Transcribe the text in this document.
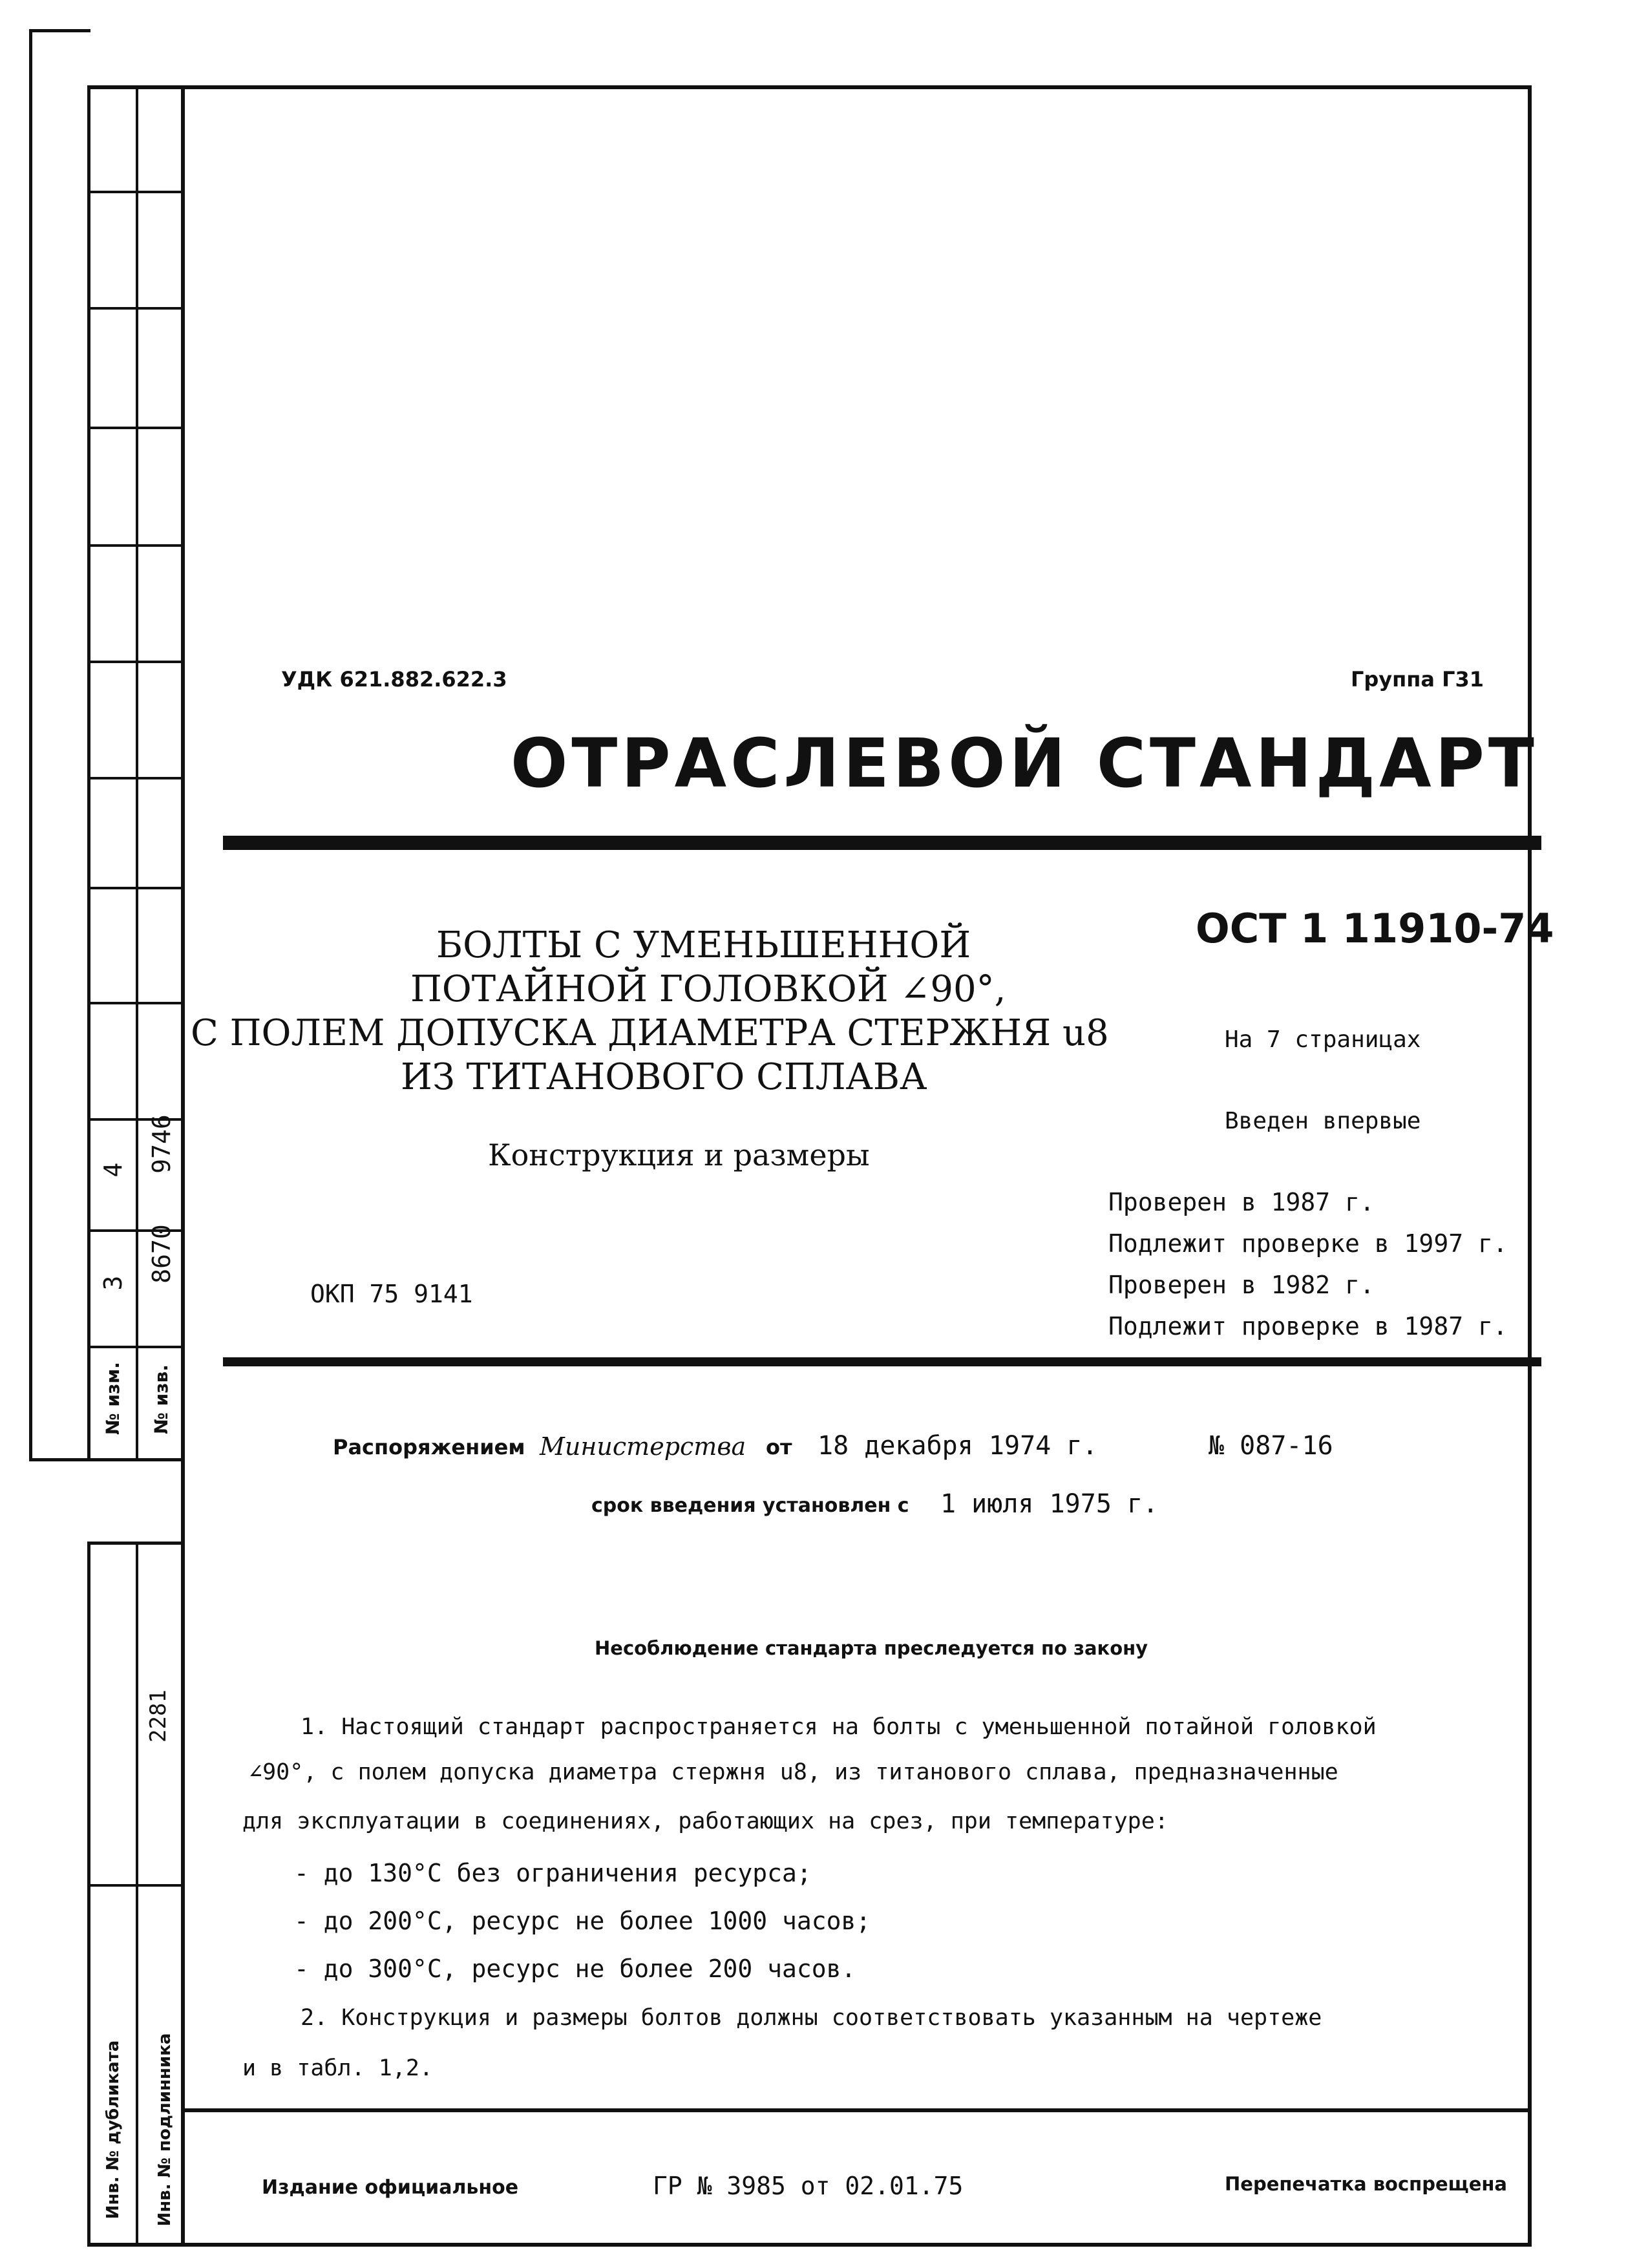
3
4
8670
9746
№ изм.	№ изв.
2281
Инв. № дубликата	Инв. № подлинника
УДК 621.882.622.3	Группа Г31
ОТРАСЛЕВОЙ СТАНДАРТ
БОЛТЫ С УМЕНЬШЕННОЙ
ПОТАЙНОЙ ГОЛОВКОЙ ∠90°,
С ПОЛЕМ ДОПУСКА ДИАМЕТРА СТЕРЖНЯ u8
ИЗ ТИТАНОВОГО СПЛАВА
Конструкция и размеры
ОСТ 1 11910-74
На 7 страницах
Введен впервые
ОКП 75 9141
Проверен в 1987 г.
Подлежит проверке в 1997 г.
Проверен в 1982 г.
Подлежит проверке в 1987 г.
Распоряжением Министерства от 18 декабря 1974 г.	№ 087-16
срок введения установлен с 1 июля 1975 г.
Несоблюдение стандарта преследуется по закону
1. Настоящий стандарт распространяется на болты с уменьшенной потайной головкой
∠90°, с полем допуска диаметра стержня u8, из титанового сплава, предназначенные
для эксплуатации в соединениях, работающих на срез, при температуре:
- до 130°С без ограничения ресурса;
- до 200°С, ресурс не более 1000 часов;
- до 300°С, ресурс не более 200 часов.
2. Конструкция и размеры болтов должны соответствовать указанным на чертеже
и в табл. 1,2.
Издание официальное	ГР № 3985 от 02.01.75	Перепечатка воспрещена
